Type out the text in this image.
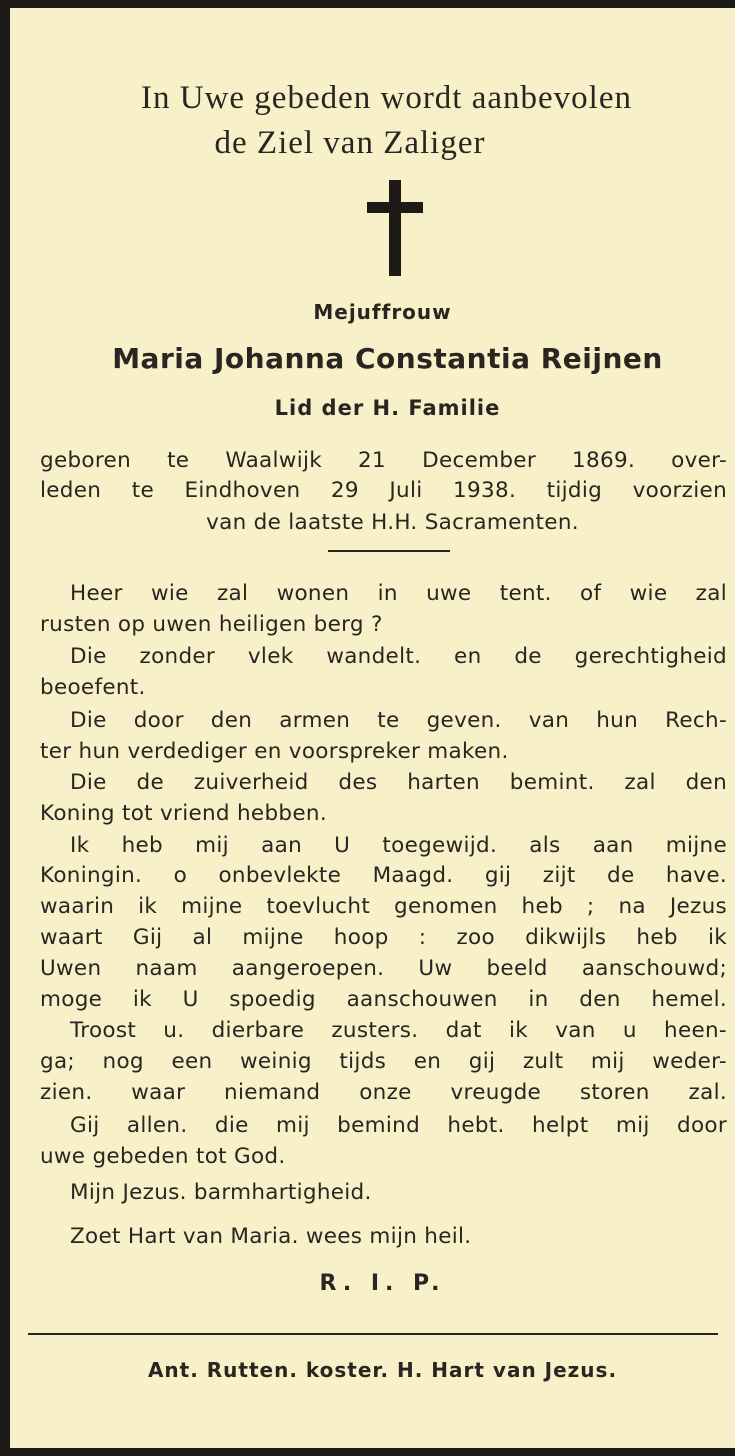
In Uwe gebeden wordt aanbevolen
de Ziel van Zaliger
Mejuffrouw
Maria Johanna Constantia Reijnen
Lid der H. Familie
geboren te Waalwijk 21 December 1869. over-
leden te Eindhoven 29 Juli 1938. tijdig voorzien
van de laatste H.H. Sacramenten.
Heer wie zal wonen in uwe tent. of wie zal
rusten op uwen heiligen berg ?
Die zonder vlek wandelt. en de gerechtigheid
beoefent.
Die door den armen te geven. van hun Rech-
ter hun verdediger en voorspreker maken.
Die de zuiverheid des harten bemint. zal den
Koning tot vriend hebben.
Ik heb mij aan U toegewijd. als aan mijne
Koningin. o onbevlekte Maagd. gij zijt de have.
waarin ik mijne toevlucht genomen heb ; na Jezus
waart Gij al mijne hoop : zoo dikwijls heb ik
Uwen naam aangeroepen. Uw beeld aanschouwd;
moge ik U spoedig aanschouwen in den hemel.
Troost u. dierbare zusters. dat ik van u heen-
ga; nog een weinig tijds en gij zult mij weder-
zien. waar niemand onze vreugde storen zal.
Gij allen. die mij bemind hebt. helpt mij door
uwe gebeden tot God.
Mijn Jezus. barmhartigheid.
Zoet Hart van Maria. wees mijn heil.
R. I. P.
Ant. Rutten. koster. H. Hart van Jezus.
